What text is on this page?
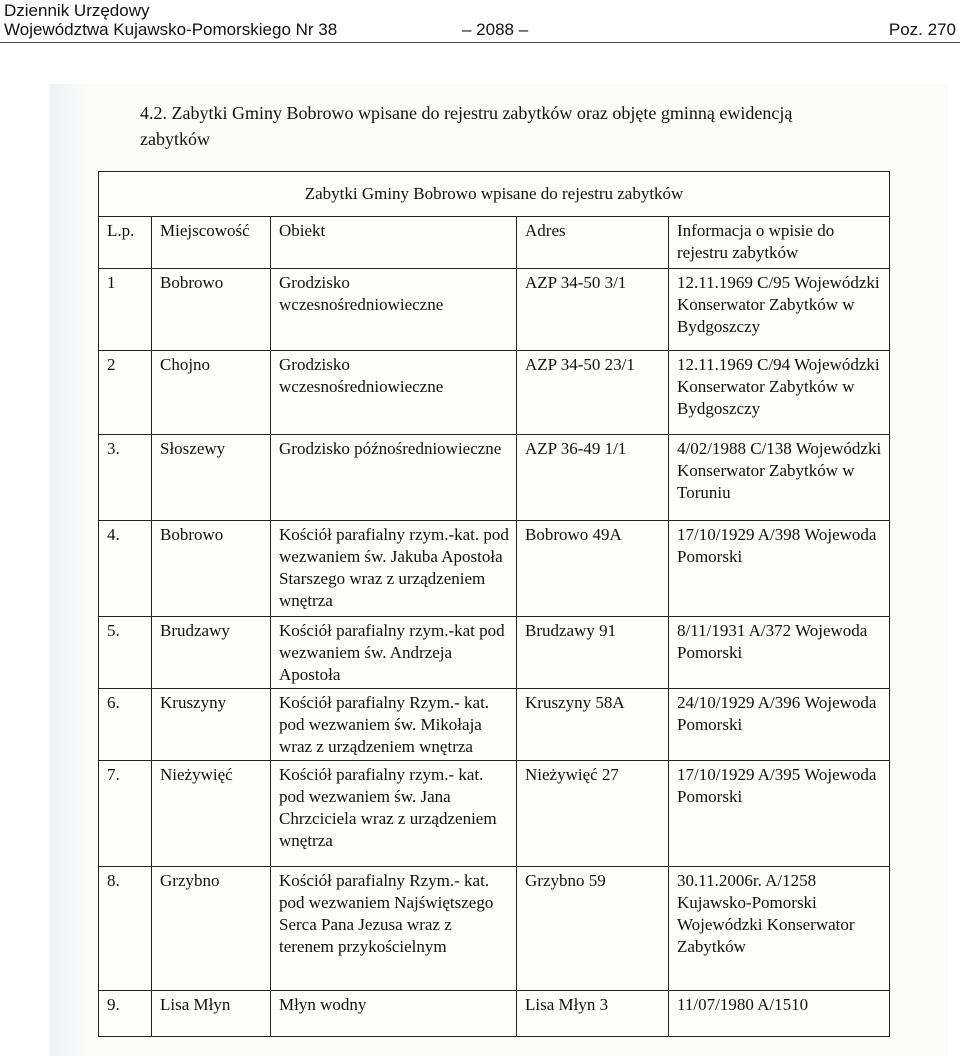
Dziennik Urzędowy
Województwa Kujawsko-Pomorskiego Nr 38	– 2088 –	Poz. 270
4.2. Zabytki Gminy Bobrowo wpisane do rejestru zabytków oraz objęte gminną ewidencją zabytków
Zabytki Gminy Bobrowo wpisane do rejestru zabytków				
L.p.	Miejscowość	Obiekt	Adres	Informacja o wpisie do rejestru zabytków
1	Bobrowo	Grodzisko wczesnośredniowieczne	AZP 34-50 3/1	12.11.1969 C/95 Wojewódzki Konserwator Zabytków w Bydgoszczy
2	Chojno	Grodzisko wczesnośredniowieczne	AZP 34-50 23/1	12.11.1969 C/94 Wojewódzki Konserwator Zabytków w Bydgoszczy
3.	Słoszewy	Grodzisko późnośredniowieczne	AZP 36-49 1/1	4/02/1988 C/138 Wojewódzki Konserwator Zabytków w Toruniu
4.	Bobrowo	Kościół parafialny rzym.-kat. pod wezwaniem św. Jakuba Apostoła Starszego wraz z urządzeniem wnętrza	Bobrowo 49A	17/10/1929 A/398 Wojewoda Pomorski
5.	Brudzawy	Kościół parafialny rzym.-kat pod wezwaniem św. Andrzeja Apostoła	Brudzawy 91	8/11/1931 A/372 Wojewoda Pomorski
6.	Kruszyny	Kościół parafialny Rzym.- kat. pod wezwaniem św. Mikołaja wraz z urządzeniem wnętrza	Kruszyny 58A	24/10/1929 A/396 Wojewoda Pomorski
7.	Nieżywięć	Kościół parafialny rzym.- kat. pod wezwaniem św. Jana Chrzciciela wraz z urządzeniem wnętrza	Nieżywięć 27	17/10/1929 A/395 Wojewoda Pomorski
8.	Grzybno	Kościół parafialny Rzym.- kat. pod wezwaniem Najświętszego Serca Pana Jezusa wraz z terenem przykościelnym	Grzybno 59	30.11.2006r. A/1258 Kujawsko-Pomorski Wojewódzki Konserwator Zabytków
9.	Lisa Młyn	Młyn wodny	Lisa Młyn 3	11/07/1980 A/1510
